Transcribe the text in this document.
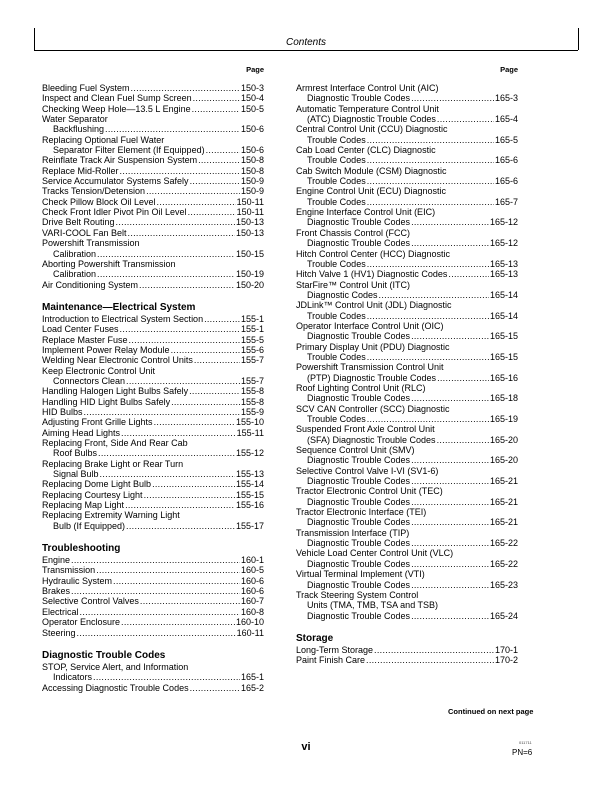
Contents
Page
Bleeding Fuel System .....	150-3
Inspect and Clean Fuel Sump Screen .....	150-4
Checking Weep Hole—13.5 L Engine .....	150-5
Water Separator
Backflushing .....	150-6
Replacing Optional Fuel Water
Separator Filter Element (If Equipped) .....	150-6
Reinflate Track Air Suspension System .....	150-8
Replace Mid-Roller .....	150-8
Service Accumulator Systems Safely .....	150-9
Tracks Tension/Detension .....	150-9
Check Pillow Block Oil Level .....	150-11
Check Front Idler Pivot Pin Oil Level .....	150-11
Drive Belt Routing .....	150-13
VARI-COOL Fan Belt .....	150-13
Powershift Transmission
Calibration .....	150-15
Aborting Powershift Transmission
Calibration .....	150-19
Air Conditioning System .....	150-20
Maintenance—Electrical System
Introduction to Electrical System Section .....	155-1
Load Center Fuses .....	155-1
Replace Master Fuse .....	155-5
Implement Power Relay Module .....	155-6
Welding Near Electronic Control Units .....	155-7
Keep Electronic Control Unit
Connectors Clean .....	155-7
Handling Halogen Light Bulbs Safely .....	155-8
Handling HID Light Bulbs Safely .....	155-8
HID Bulbs .....	155-9
Adjusting Front Grille Lights .....	155-10
Aiming Head Lights .....	155-11
Replacing Front, Side And Rear Cab
Roof Bulbs .....	155-12
Replacing Brake Light or Rear Turn
Signal Bulb .....	155-13
Replacing Dome Light Bulb .....	155-14
Replacing Courtesy Light .....	155-15
Replacing Map Light .....	155-16
Replacing Extremity Warning Light
Bulb (If Equipped) .....	155-17
Troubleshooting
Engine .....	160-1
Transmission .....	160-5
Hydraulic System .....	160-6
Brakes .....	160-6
Selective Control Valves .....	160-7
Electrical .....	160-8
Operator Enclosure .....	160-10
Steering .....	160-11
Diagnostic Trouble Codes
STOP, Service Alert, and Information
Indicators .....	165-1
Accessing Diagnostic Trouble Codes .....	165-2
Page
Armrest Interface Control Unit (AIC)
Diagnostic Trouble Codes .....	165-3
Automatic Temperature Control Unit
(ATC) Diagnostic Trouble Codes .....	165-4
Central Control Unit (CCU) Diagnostic
Trouble Codes .....	165-5
Cab Load Center (CLC) Diagnostic
Trouble Codes .....	165-6
Cab Switch Module (CSM) Diagnostic
Trouble Codes .....	165-6
Engine Control Unit (ECU) Diagnostic
Trouble Codes .....	165-7
Engine Interface Control Unit (EIC)
Diagnostic Trouble Codes .....	165-12
Front Chassis Control (FCC)
Diagnostic Trouble Codes .....	165-12
Hitch Control Center (HCC) Diagnostic
Trouble Codes .....	165-13
Hitch Valve 1 (HV1) Diagnostic Codes .....	165-13
StarFire™ Control Unit (ITC)
Diagnostic Codes .....	165-14
JDLink™ Control Unit (JDL) Diagnostic
Trouble Codes .....	165-14
Operator Interface Control Unit (OIC)
Diagnostic Trouble Codes .....	165-15
Primary Display Unit (PDU) Diagnostic
Trouble Codes .....	165-15
Powershift Transmission Control Unit
(PTP) Diagnostic Trouble Codes .....	165-16
Roof Lighting Control Unit (RLC)
Diagnostic Trouble Codes .....	165-18
SCV CAN Controller (SCC) Diagnostic
Trouble Codes .....	165-19
Suspended Front Axle Control Unit
(SFA) Diagnostic Trouble Codes .....	165-20
Sequence Control Unit (SMV)
Diagnostic Trouble Codes .....	165-20
Selective Control Valve I-VI (SV1-6)
Diagnostic Trouble Codes .....	165-21
Tractor Electronic Control Unit (TEC)
Diagnostic Trouble Codes .....	165-21
Tractor Electronic Interface (TEI)
Diagnostic Trouble Codes .....	165-21
Transmission Interface (TIP)
Diagnostic Trouble Codes .....	165-22
Vehicle Load Center Control Unit (VLC)
Diagnostic Trouble Codes .....	165-22
Virtual Terminal Implement (VTI)
Diagnostic Trouble Codes .....	165-23
Track Steering System Control
Units (TMA, TMB, TSA and TSB)
Diagnostic Trouble Codes .....	165-24
Storage
Long-Term Storage .....	170-1
Paint Finish Care .....	170-2
Continued on next page
vi	011711
PN=6
